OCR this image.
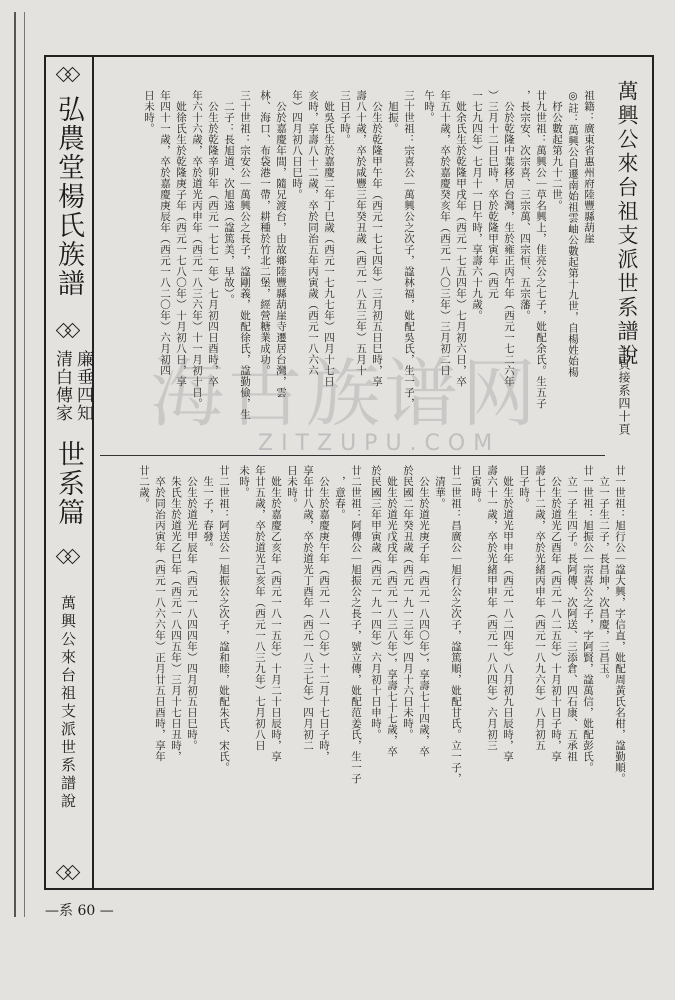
弘農堂楊氏族譜
廉垂四知
清白傳家
世系篇
萬興公來台祖支派世系譜說
萬興公來台祖支派世系譜說
上頁接系四十頁
祖籍：廣東省惠州府陸豐縣葫崖
◎註：萬興公自遷南始祖雲岫公數起第十九世，自楊姓始楊
　杼公數起第九十二世。
廿九世祖：萬興公｜草名興上，佳亮公之七子，妣配余氏。生五子
，長宗安、次宗喜、三宗萬、四宗恒、五宗藩。
　公於乾隆中葉移居台灣，生於雍正丙午年（西元一七二六年
）三月十二日巳時，卒於乾隆甲寅年（西元
一七九四年）七月十一日午時，享壽六十九歲。
　妣余氏生於乾隆甲戌年（西元一七五四年）七月初六日，卒
年五十歲，卒於嘉慶癸亥年（西元一八〇三年）三月初二日
午時。
三十世祖：宗喜公｜萬興公之次子，諡林福，妣配吳氏，生一子，
　旭振。
　公生於乾隆甲午年（西元一七七四年）三月初五日巳時，享
壽八十歲，卒於咸豐三年癸丑歲（西元一八五三年）五月十
三日子時。
　妣吳氏生於嘉慶二年丁巳歲（西元一七九七年）四月十七日
亥時，享壽八十二歲，卒於同治五年丙寅歲（西元一八六六
年）四月初八日巳時。
　公於嘉慶年間，隨兄渡台，由故鄉陸豐縣葫崖寺遷居台灣，雲
林、海口、布袋港一帶，耕種於竹北二堡，經營糖業成功。
三十世祖：宗安公｜萬興公之長子，諡剛義，妣配徐氏，諡勤儉，生
　二子：長旭道、次旭遠（諡篤美，早故）。
　公生於乾隆辛卯年（西元一七七一年）七月初四日酉時，卒
年六十六歲，卒於道光丙申年（西元一八三六年）十一月初十日。
　妣徐氏生於乾隆庚子年（西元一七八〇年）十月初八日，享
年四十一歲，卒於嘉慶庚辰年（西元一八二〇年）六月初四
日未時。
廿一世祖：旭行公｜諡大興，字信直，妣配周黃氏名柑，諡勤順。
　立一子生二子，長昌坤，次昌慶，三昌玉。
廿一世祖：旭振公｜宗喜公之子，字阿賢，諡萬信，妣配彭氏。
　立一子生四子。長阿傳、次阿送、三添倉、四石康、五承祖
　公生於道光乙酉年（西元一八二五年）十月初十日子時，享
壽七十二歲，卒於光緒丙申年（西元一八九六年）八月初五
日子時。
　妣生於道光甲申年（西元一八二四年）八月初九日辰時，享
壽六十一歲，卒於光緒甲申年（西元一八八四年）六月初三
日寅時。
廿二世祖：昌廣公｜旭行公之次子，諡篤順，妣配甘氏。立一子，
　清華。
　公生於道光庚子年（西元一八四〇年），享壽七十四歲，卒
於民國二年癸丑歲（西元一九一三年）四月十六日未時。
　妣生於道光戊戌年（西元一八三八年），享壽七十七歲，卒
於民國三年甲寅歲（西元一九一四年）六月初十日申時。
廿二世祖：阿傳公｜旭振公之長子，號立傳，妣配范姜氏，生一子
　，意春。
　公生於嘉慶庚午年（西元一八一〇年）十二月十七日子時，
享年廿八歲，卒於道光丁酉年（西元一八三七年）四月初二
日未時。
　妣生於嘉慶乙亥年（西元一八一五年）十月二十日辰時，享
年廿五歲，卒於道光己亥年（西元一八三九年）七月初八日
未時。
廿二世祖：阿送公｜旭振公之次子，諡和睦，妣配朱氏、宋氏。
　生一子，春發。
　公生於道光甲辰年（西元一八四四年）四月初五日巳時。
　朱氏生於道光乙巳年（西元一八四五年）三月十七日丑時，
　卒於同治丙寅年（西元一八六六年）正月廿五日酉時，享年
廿二歲。
—系 60 —
海古族谱网
ZITZUPU.COM
